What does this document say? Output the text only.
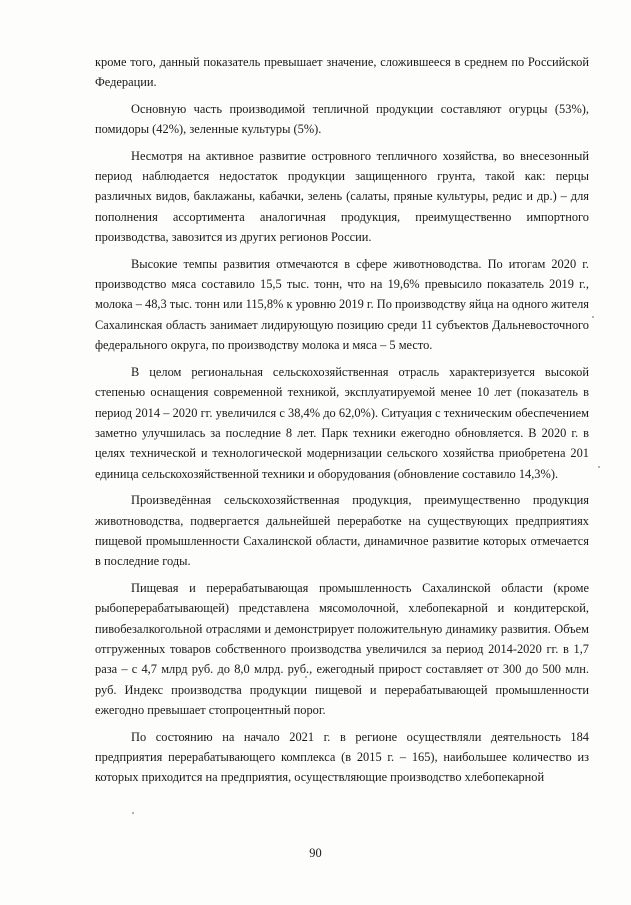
кроме того, данный показатель превышает значение, сложившееся в среднем по Российской Федерации.

Основную часть производимой тепличной продукции составляют огурцы (53%), помидоры (42%), зеленные культуры (5%).

Несмотря на активное развитие островного тепличного хозяйства, во внесезонный период наблюдается недостаток продукции защищенного грунта, такой как: перцы различных видов, баклажаны, кабачки, зелень (салаты, пряные культуры, редис и др.) – для пополнения ассортимента аналогичная продукция, преимущественно импортного производства, завозится из других регионов России.

Высокие темпы развития отмечаются в сфере животноводства. По итогам 2020 г. производство мяса составило 15,5 тыс. тонн, что на 19,6% превысило показатель 2019 г., молока – 48,3 тыс. тонн или 115,8% к уровню 2019 г. По производству яйца на одного жителя Сахалинская область занимает лидирующую позицию среди 11 субъектов Дальневосточного федерального округа, по производству молока и мяса – 5 место.

В целом региональная сельскохозяйственная отрасль характеризуется высокой степенью оснащения современной техникой, эксплуатируемой менее 10 лет (показатель в период 2014 – 2020 гг. увеличился с 38,4% до 62,0%). Ситуация с техническим обеспечением заметно улучшилась за последние 8 лет. Парк техники ежегодно обновляется. В 2020 г. в целях технической и технологической модернизации сельского хозяйства приобретена 201 единица сельскохозяйственной техники и оборудования (обновление составило 14,3%).

Произведённая сельскохозяйственная продукция, преимущественно продукция животноводства, подвергается дальнейшей переработке на существующих предприятиях пищевой промышленности Сахалинской области, динамичное развитие которых отмечается в последние годы.

Пищевая и перерабатывающая промышленность Сахалинской области (кроме рыбоперерабатывающей) представлена мясомолочной, хлебопекарной и кондитерской, пивобезалкогольной отраслями и демонстрирует положительную динамику развития. Объем отгруженных товаров собственного производства увеличился за период 2014-2020 гг. в 1,7 раза – с 4,7 млрд руб. до 8,0 млрд. руб., ежегодный прирост составляет от 300 до 500 млн. руб. Индекс производства продукции пищевой и перерабатывающей промышленности ежегодно превышает стопроцентный порог.

По состоянию на начало 2021 г. в регионе осуществляли деятельность 184 предприятия перерабатывающего комплекса (в 2015 г. – 165), наибольшее количество из которых приходится на предприятия, осуществляющие производство хлебопекарной

90
